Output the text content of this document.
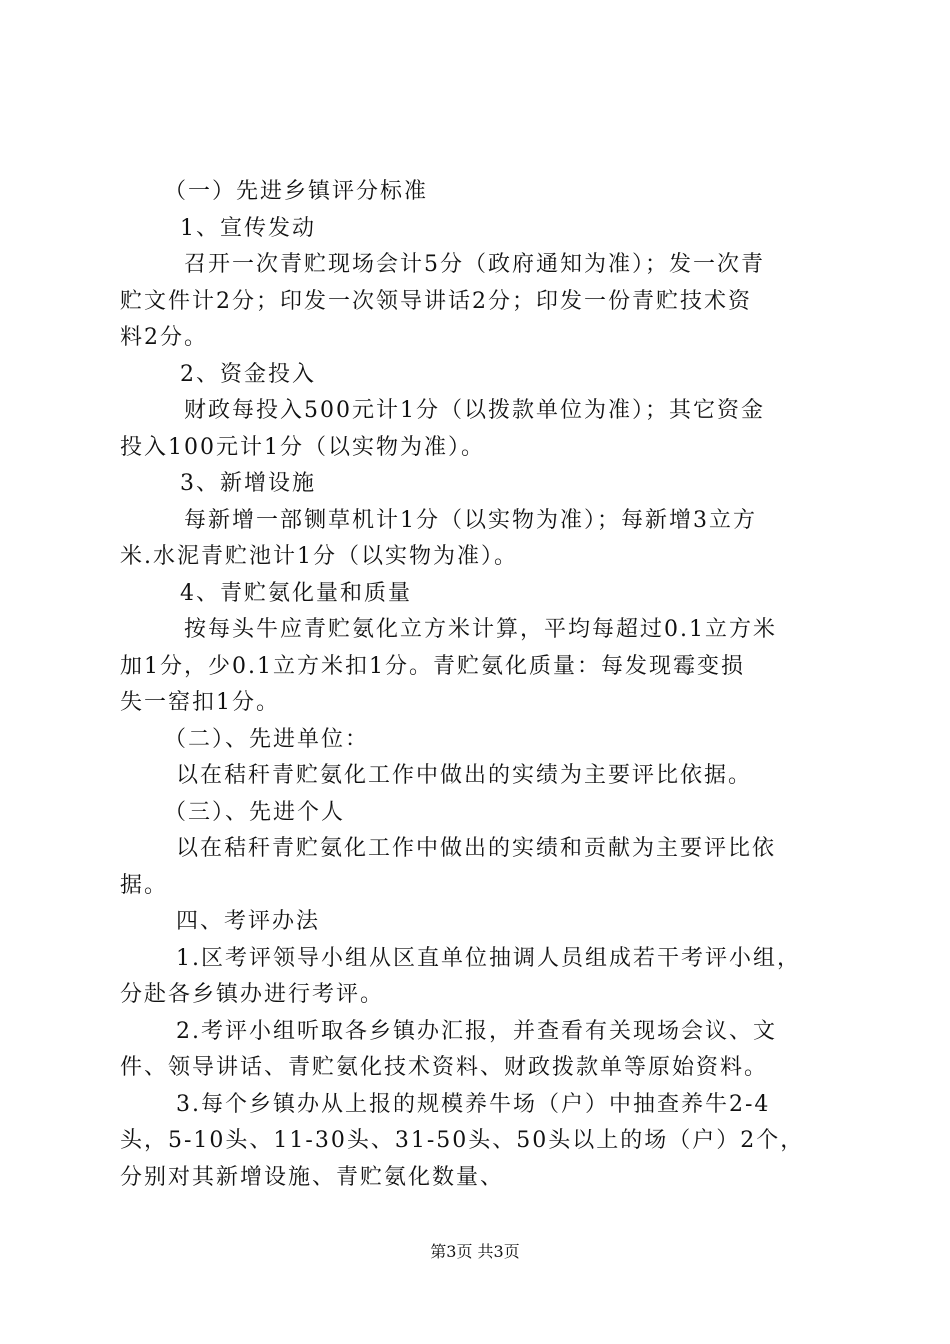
（一）先进乡镇评分标准
1、宣传发动
召开一次青贮现场会计5分（政府通知为准）；发一次青
贮文件计2分；印发一次领导讲话2分；印发一份青贮技术资
料2分。
2、资金投入
财政每投入500元计1分（以拨款单位为准）；其它资金
投入100元计1分（以实物为准）。
3、新增设施
每新增一部铡草机计1分（以实物为准）；每新增3立方
米.水泥青贮池计1分（以实物为准）。
4、青贮氨化量和质量
按每头牛应青贮氨化立方米计算，平均每超过0.1立方米
加1分，少0.1立方米扣1分。青贮氨化质量：每发现霉变损
失一窑扣1分。
（二）、先进单位：
以在秸秆青贮氨化工作中做出的实绩为主要评比依据。
（三）、先进个人
以在秸秆青贮氨化工作中做出的实绩和贡献为主要评比依
据。
四、考评办法
1.区考评领导小组从区直单位抽调人员组成若干考评小组，
分赴各乡镇办进行考评。
2.考评小组听取各乡镇办汇报，并查看有关现场会议、文
件、领导讲话、青贮氨化技术资料、财政拨款单等原始资料。
3.每个乡镇办从上报的规模养牛场（户）中抽查养牛2-4
头，5-10头、11-30头、31-50头、50头以上的场（户）2个，
分别对其新增设施、青贮氨化数量、
第3页 共3页
